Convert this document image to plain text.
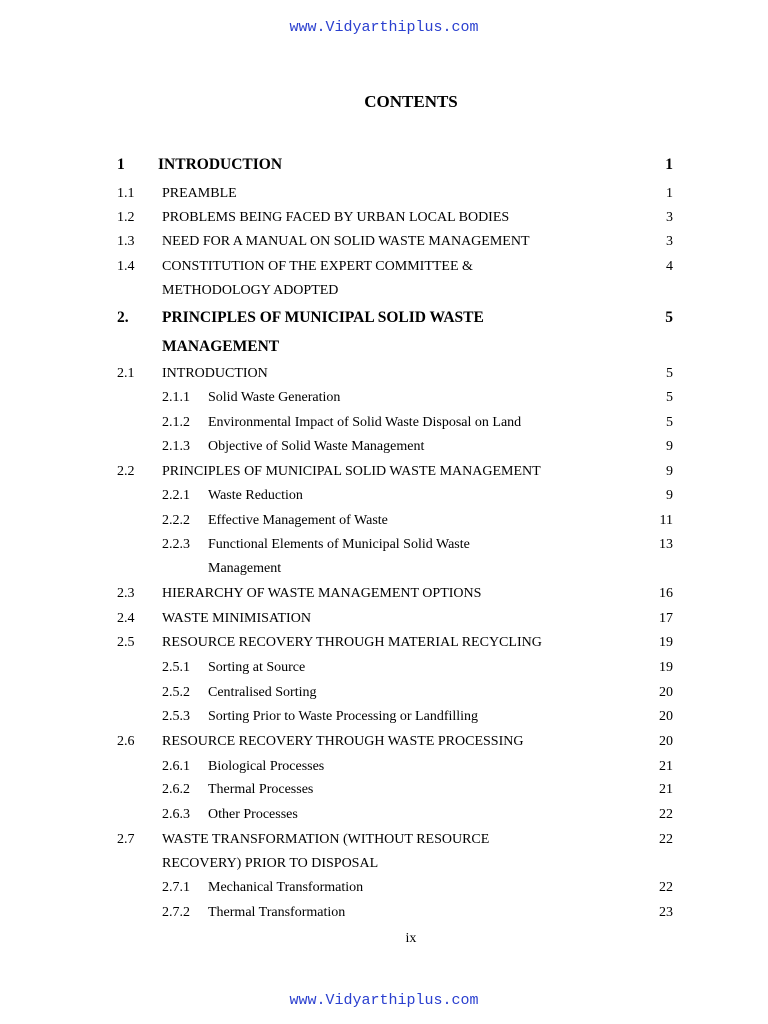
www.Vidyarthiplus.com
CONTENTS
1 INTRODUCTION	1
1.1 PREAMBLE	1
1.2 PROBLEMS BEING FACED BY URBAN LOCAL BODIES	3
1.3 NEED FOR A MANUAL ON SOLID WASTE MANAGEMENT	3
1.4 CONSTITUTION OF THE EXPERT COMMITTEE &	4
METHODOLOGY ADOPTED
2. PRINCIPLES OF MUNICIPAL SOLID WASTE	5
MANAGEMENT
2.1 INTRODUCTION	5
2.1.1 Solid Waste Generation	5
2.1.2 Environmental Impact of Solid Waste Disposal on Land	5
2.1.3 Objective of Solid Waste Management	9
2.2 PRINCIPLES OF MUNICIPAL SOLID WASTE MANAGEMENT	9
2.2.1 Waste Reduction	9
2.2.2 Effective Management of Waste	11
2.2.3 Functional Elements of Municipal Solid Waste	13
Management
2.3 HIERARCHY OF WASTE MANAGEMENT OPTIONS	16
2.4 WASTE MINIMISATION	17
2.5 RESOURCE RECOVERY THROUGH MATERIAL RECYCLING	19
2.5.1 Sorting at Source	19
2.5.2 Centralised Sorting	20
2.5.3 Sorting Prior to Waste Processing or Landfilling	20
2.6 RESOURCE RECOVERY THROUGH WASTE PROCESSING	20
2.6.1 Biological Processes	21
2.6.2 Thermal Processes	21
2.6.3 Other Processes	22
2.7 WASTE TRANSFORMATION (WITHOUT RESOURCE	22
RECOVERY) PRIOR TO DISPOSAL
2.7.1 Mechanical Transformation	22
2.7.2 Thermal Transformation	23
ix
www.Vidyarthiplus.com
